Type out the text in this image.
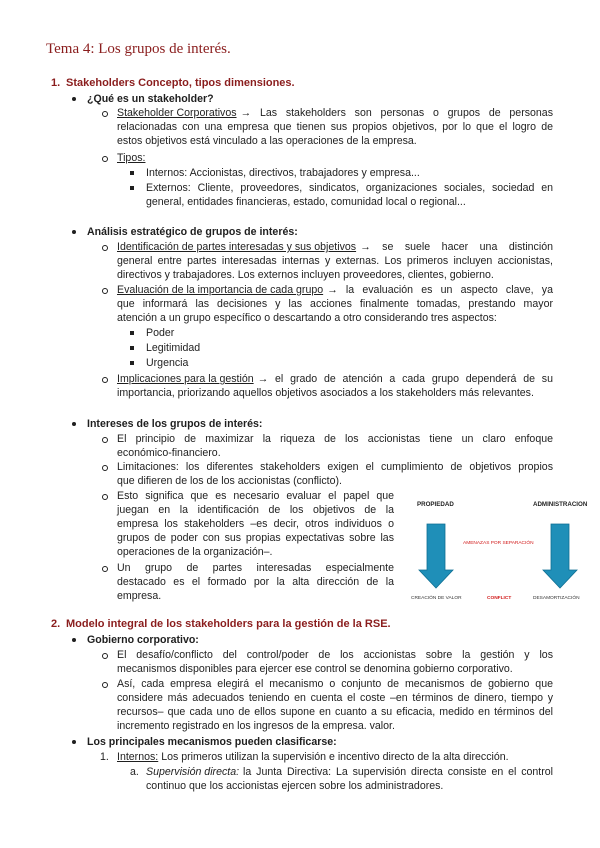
Tema 4: Los grupos de interés.
1. Stakeholders Concepto, tipos dimensiones.
¿Qué es un stakeholder?
Stakeholder Corporativos → Las stakeholders son personas o grupos de personas
relacionadas con una empresa que tienen sus propios objetivos, por lo que el logro de
estos objetivos está vinculado a las operaciones de la empresa.
Tipos:
Internos: Accionistas, directivos, trabajadores y empresa...
Externos: Cliente, proveedores, sindicatos, organizaciones sociales, sociedad en
general, entidades financieras, estado, comunidad local o regional...
Análisis estratégico de grupos de interés:
Identificación de partes interesadas y sus objetivos → se suele hacer una distinción
general entre partes interesadas internas y externas. Los primeros incluyen accionistas,
directivos y trabajadores. Los externos incluyen proveedores, clientes, gobierno.
Evaluación de la importancia de cada grupo → la evaluación es un aspecto clave, ya
que informará las decisiones y las acciones finalmente tomadas, prestando mayor
atención a un grupo específico o descartando a otro considerando tres aspectos:
Poder
Legitimidad
Urgencia
Implicaciones para la gestión → el grado de atención a cada grupo dependerá de su
importancia, priorizando aquellos objetivos asociados a los stakeholders más relevantes.
Intereses de los grupos de interés:
El principio de maximizar la riqueza de los accionistas tiene un claro enfoque
económico-financiero.
Limitaciones: los diferentes stakeholders exigen el cumplimiento de objetivos propios
que difieren de los de los accionistas (conflicto).
Esto significa que es necesario evaluar el papel que
juegan en la identificación de los objetivos de la
empresa los stakeholders –es decir, otros individuos o
grupos de poder con sus propias expectativas sobre las
operaciones de la organización–.
Un grupo de partes interesadas especialmente
destacado es el formado por la alta dirección de la
empresa.
PROPIEDAD	ADMINISTRACION
AMENAZAS POR SEPARACIÓN
CREACIÓN DE VALOR	CONFLICT	DESAMORTIZACIÓN
2. Modelo integral de los stakeholders para la gestión de la RSE.
Gobierno corporativo:
El desafío/conflicto del control/poder de los accionistas sobre la gestión y los
mecanismos disponibles para ejercer ese control se denomina gobierno corporativo.
Así, cada empresa elegirá el mecanismo o conjunto de mecanismos de gobierno que
considere más adecuados teniendo en cuenta el coste –en términos de dinero, tiempo y
recursos– que cada uno de ellos supone en cuanto a su eficacia, medido en términos del
incremento registrado en los ingresos de la empresa. valor.
Los principales mecanismos pueden clasificarse:
1. Internos: Los primeros utilizan la supervisión e incentivo directo de la alta dirección.
a. Supervisión directa: la Junta Directiva: La supervisión directa consiste en el control
continuo que los accionistas ejercen sobre los administradores.
